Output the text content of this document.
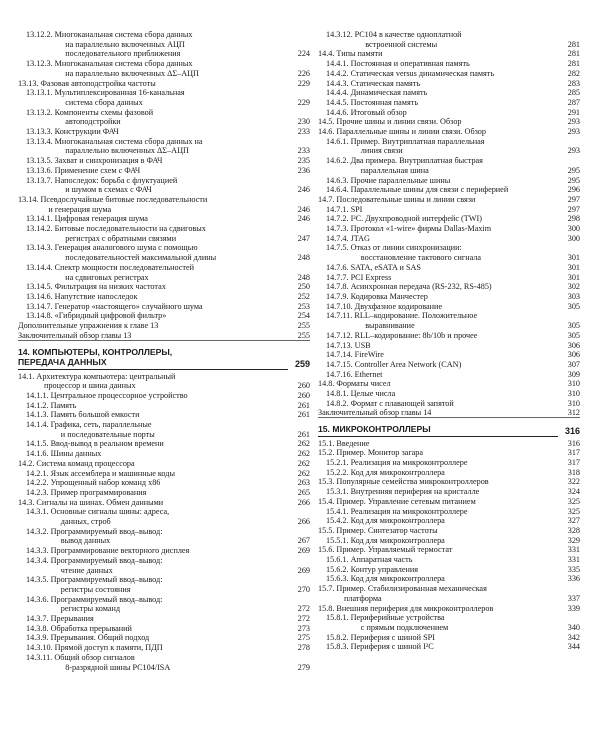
13.12.2. Многоканальная система сбора данных
на параллельно включенных АЦП
последовательного приближения	224
13.12.3. Многоканальная система сбора данных
на параллельно включенных ΔΣ–АЦП	226
13.13. Фазовая автоподстройка частоты	229
13.13.1. Мультиплексированная 16-канальная
система сбора данных	229
13.13.2. Компоненты схемы фазовой
автоподстройки	230
13.13.3. Конструкции ФАЧ	233
13.13.4. Многоканальная система сбора данных на
параллельно включенных ΔΣ–АЦП	233
13.13.5. Захват и синхронизация в ФАЧ	235
13.13.6. Применение схем с ФАЧ	236
13.13.7. Напоследок: борьба с флуктуацией
и шумом в схемах с ФАЧ	246
13.14. Псевдослучайные битовые последовательности
и генерация шума	246
13.14.1. Цифровая генерация шума	246
13.14.2. Битовые последовательности на сдвиговых
регистрах с обратными связями	247
13.14.3. Генерация аналогового шума с помощью
последовательностей максимальной длины	248
13.14.4. Спектр мощности последовательностей
на сдвиговых регистрах	248
13.14.5. Фильтрация на низких частотах	250
13.14.6. Напутствие напоследок	252
13.14.7. Генератор «настоящего» случайного шума	253
13.14.8. «Гибридный цифровой фильтр»	254
Дополнительные упражнения к главе 13	255
Заключительный обзор главы 13	255
14. КОМПЬЮТЕРЫ, КОНТРОЛЛЕРЫ,
ПЕРЕДАЧА ДАННЫХ	259
14.1. Архитектура компьютера: центральный
процессор и шина данных	260
14.1.1. Центральное процессорное устройство	260
14.1.2. Память	261
14.1.3. Память большой емкости	261
14.1.4. Графика, сеть, параллельные
и последовательные порты	261
14.1.5. Ввод-вывод в реальном времени	262
14.1.6. Шины данных	262
14.2. Система команд процессора	262
14.2.1. Язык ассемблера и машинные коды	262
14.2.2. Упрощенный набор команд x86	263
14.2.3. Пример программирования	265
14.3. Сигналы на шинах. Обмен данными	266
14.3.1. Основные сигналы шины: адреса,
данных, строб	266
14.3.2. Программируемый ввод–вывод:
вывод данных	267
14.3.3. Программирование векторного дисплея	269
14.3.4. Программируемый ввод–вывод:
чтение данных	269
14.3.5. Программируемый ввод–вывод:
регистры состояния	270
14.3.6. Программируемый ввод–вывод:
регистры команд	272
14.3.7. Прерывания	272
14.3.8. Обработка прерываний	273
14.3.9. Прерывания. Общий подход	275
14.3.10. Прямой доступ к памяти, ПДП	278
14.3.11. Общий обзор сигналов
8-разрядной шины PC104/ISA	279
14.3.12. PC104 в качестве одноплатной
встроенной системы	281
14.4. Типы памяти	281
14.4.1. Постоянная и оперативная память	281
14.4.2. Статическая versus динамическая память	282
14.4.3. Статическая память	283
14.4.4. Динамическая память	285
14.4.5. Постоянная память	287
14.4.6. Итоговый обзор	291
14.5. Прочие шины и линии связи. Обзор	293
14.6. Параллельные шины и линии связи. Обзор	293
14.6.1. Пример. Внутриплатная параллельная
линия связи	293
14.6.2. Два примера. Внутриплатная быстрая
параллельная шина	295
14.6.3. Прочие параллельные шины	295
14.6.4. Параллельные шины для связи с периферией	296
14.7. Последовательные шины и линии связи	297
14.7.1. SPI	297
14.7.2. I²C. Двухпроводной интерфейс (TWI)	298
14.7.3. Протокол «1-wire» фирмы Dallas-Maxim	300
14.7.4. JTAG	300
14.7.5. Отказ от линии синхронизации:
восстановление тактового сигнала	301
14.7.6. SATA, eSATA и SAS	301
14.7.7. PCI Express	301
14.7.8. Асинхронная передача (RS-232, RS-485)	302
14.7.9. Кодировка Манчестер	303
14.7.10. Двухфазное кодирование	305
14.7.11. RLL–кодирование. Положительное
выравнивание	305
14.7.12. RLL–кодирование: 8b/10b и прочее	305
14.7.13. USB	306
14.7.14. FireWire	306
14.7.15. Controller Area Network (CAN)	307
14.7.16. Ethernet	309
14.8. Форматы чисел	310
14.8.1. Целые числа	310
14.8.2. Формат с плавающей запятой	310
Заключительный обзор главы 14	312
15. МИКРОКОНТРОЛЛЕРЫ	316
15.1. Введение	316
15.2. Пример. Монитор загара	317
15.2.1. Реализация на микроконтроллере	317
15.2.2. Код для микроконтроллера	318
15.3. Популярные семейства микроконтроллеров	322
15.3.1. Внутренняя периферия на кристалле	324
15.4. Пример. Управление сетевым питанием	325
15.4.1. Реализация на микроконтроллере	325
15.4.2. Код для микроконтроллера	327
15.5. Пример. Синтезатор частоты	328
15.5.1. Код для микроконтроллера	329
15.6. Пример. Управляемый термостат	331
15.6.1. Аппаратная часть	331
15.6.2. Контур управления	335
15.6.3. Код для микроконтроллера	336
15.7. Пример. Стабилизированная механическая
платформа	337
15.8. Внешняя периферия для микроконтроллеров	339
15.8.1. Периферийные устройства
с прямым подключением	340
15.8.2. Периферия с шиной SPI	342
15.8.3. Периферия с шиной I²C	344
